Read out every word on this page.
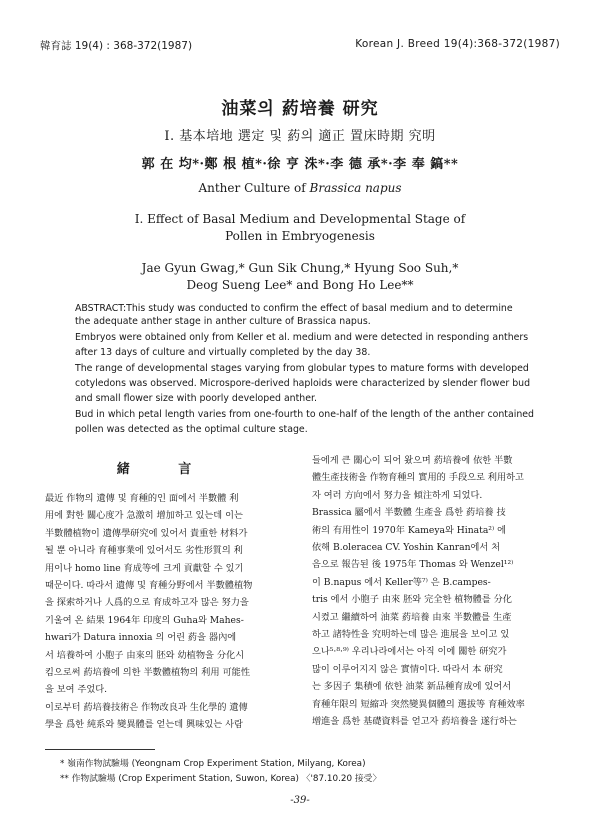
韓育誌 19(4) : 368-372(1987)	Korean J. Breed 19(4):368-372(1987)
油菜의 葯培養 研究
I. 基本培地 選定 및 葯의 適正 置床時期 究明
郭 在 均*·鄭 根 植*·徐 亨 洙*·李 德 承*·李 奉 鎬**
Anther Culture of Brassica napus
I. Effect of Basal Medium and Developmental Stage of
Pollen in Embryogenesis
Jae Gyun Gwag,* Gun Sik Chung,* Hyung Soo Suh,*
Deog Sueng Lee* and Bong Ho Lee**
ABSTRACT:This study was conducted to confirm the effect of basal medium and to determine
the adequate anther stage in anther culture of Brassica napus.
Embryos were obtained only from Keller et al. medium and were detected in responding anthers
after 13 days of culture and virtually completed by the day 38.
The range of developmental stages varying from globular types to mature forms with developed
cotyledons was observed. Microspore-derived haploids were characterized by slender flower bud
and small flower size with poorly developed anther.
Bud in which petal length varies from one-fourth to one-half of the length of the anther contained
pollen was detected as the optimal culture stage.
緒 言
最近 作物의 遺傳 및 育種的인 面에서 半數體 利
用에 對한 關心度가 急激히 增加하고 있는데 이는
半數體植物이 遺傳學研究에 있어서 貴重한 材料가
될 뿐 아니라 育種事業에 있어서도 劣性形質의 利
用이나 homo line 育成等에 크게 貢獻할 수 있기
때문이다. 따라서 遺傳 및 育種分野에서 半數體植物
을 探索하거나 人爲的으로 育成하고자 많은 努力을
기울여 온 結果 1964年 印度의 Guha와 Mahes-
hwari가 Datura innoxia 의 어린 葯을 器內에
서 培養하여 小胞子 由來의 胚와 幼植物을 分化시
킴으로써 葯培養에 의한 半數體植物의 利用 可能性
을 보여 주었다.
이로부터 葯培養技術은 作物改良과 生化學的 遺傳
學을 爲한 純系와 變異體를 얻는데 興味있는 사람
들에게 큰 關心이 되어 왔으며 葯培養에 依한 半數
體生產技術을 作物育種의 實用的 手段으로 利用하고
자 여러 方向에서 努力을 傾注하게 되었다.
Brassica 屬에서 半數體 生產을 爲한 葯培養 技
術의 有用性이 1970年 Kameya와 Hinata²⁾ 에
依해 B.oleracea CV. Yoshin Kanran에서 처
음으로 報告된 後 1975年 Thomas 와 Wenzel¹²⁾
이 B.napus 에서 Keller等⁷⁾ 은 B.campes-
tris 에서 小胞子 由來 胚와 完全한 植物體를 分化
시켰고 繼續하여 油菜 葯培養 由來 半數體를 生產
하고 諸特性을 究明하는데 많은 進展을 보이고 있
으나⁵·⁸·⁹⁾ 우리나라에서는 아직 이에 關한 研究가
많이 이루어지지 않은 實情이다. 따라서 本 研究
는 多因子 集積에 依한 油菜 新品種育成에 있어서
育種年限의 短縮과 突然變異個體의 選拔等 育種效率
增進을 爲한 基礎資料를 얻고자 葯培養을 遂行하는
* 嶺南作物試驗場 (Yeongnam Crop Experiment Station, Milyang, Korea)
** 作物試驗場 (Crop Experiment Station, Suwon, Korea) 〈'87.10.20 接受〉
-39-
